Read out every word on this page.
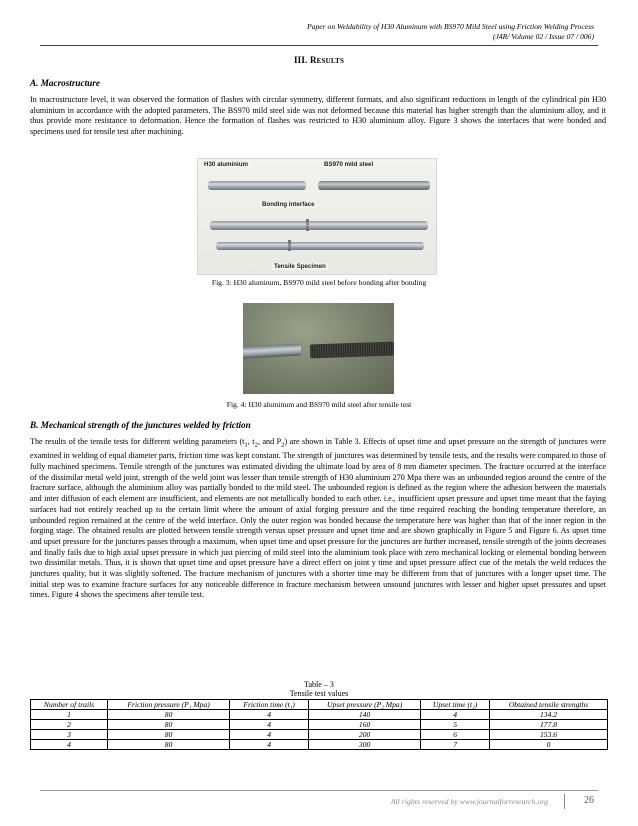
Paper on Weldability of H30 Aluminum with BS970 Mild Steel using Friction Welding Process
(J4R/ Volume 02 / Issue 07 / 006)
III. RESULTS
A. Macrostructure
In macrostructure level, it was observed the formation of flashes with circular symmetry, different formats, and also significant reductions in length of the cylindrical pin H30 aluminium in accordance with the adopted parameters. The BS970 mild steel side was not deformed because this material has higher strength than the aluminium alloy, and it thus provide more resistance to deformation. Hence the formation of flashes was restricted to H30 aluminium alloy. Figure 3 shows the interfaces that were bonded and specimens used for tensile test after machining.
H30 aluminium	BS970 mild steel
Bonding interface
Tensile Specimen
Fig. 3: H30 aluminum, BS970 mild steel before bonding after bonding
Fig. 4: H30 aluminum and BS970 mild steel after tensile test
B. Mechanical strength of the junctures welded by friction
The results of the tensile tests for different welding parameters ($t_1$, $t_2$, and $P_2$) are shown in Table 3. Effects of upset time and upset pressure on the strength of junctures were examined in welding of equal diameter parts, friction time was kept constant. The strength of junctures was determined by tensile tests, and the results were compared to those of fully machined specimens. Tensile strength of the junctures was estimated dividing the ultimate load by area of 8 mm diameter specimen. The fracture occurred at the interface of the dissimilar metal weld joint, strength of the weld joint was lesser than tensile strength of H30 aluminium 270 Mpa there was an unbounded region around the centre of the fracture surface, although the aluminium alloy was partially bonded to the mild steel. The unbounded region is defined as the region where the adhesion between the materials and inter diffusion of each element are insufficient, and elements are not metallically bonded to each other. i.e., insufficient upset pressure and upset time meant that the faying surfaces had not entirely reached up to the certain limit where the amount of axial forging pressure and the time required reaching the bonding temperature therefore, an unbounded region remained at the centre of the weld interface. Only the outer region was bonded because the temperature here was higher than that of the inner region in the forging stage. The obtained results are plotted between tensile strength versus upset pressure and upset time and are shown graphically in Figure 5 and Figure 6. As upset time and upset pressure for the junctures passes through a maximum, when upset time and upset pressure for the junctures are further increased, tensile strength of the joints decreases and finally fails due to high axial upset pressure in which just piercing of mild steel into the aluminium took place with zero mechanical locking or elemental bonding between two dissimilar metals. Thus, it is shown that upset time and upset pressure have a direct effect on joint y time and upset pressure affect cue of the metals the weld reduces the junctures quality, but it was slightly softened. The fracture mechanism of junctures with a shorter time may be different from that of junctures with a longer upset time. The initial step was to examine fracture surfaces for any noticeable difference in fracture mechanism between unsound junctures with lesser and higher upset pressures and upset times. Figure 4 shows the specimens after tensile test.
Table – 3
Tensile test values
Number of trails	Friction pressure (P₁ Mpa)	Friction time (t₁)	Upset pressure (P₂ Mpa)	Upset time (t₂)	Obtained tensile strengths
1	80	4	140	4	134.2
2	80	4	160	5	177.8
3	80	4	200	6	153.6
4	80	4	300	7	0
All rights reserved by www.journalforresearch.org	26
